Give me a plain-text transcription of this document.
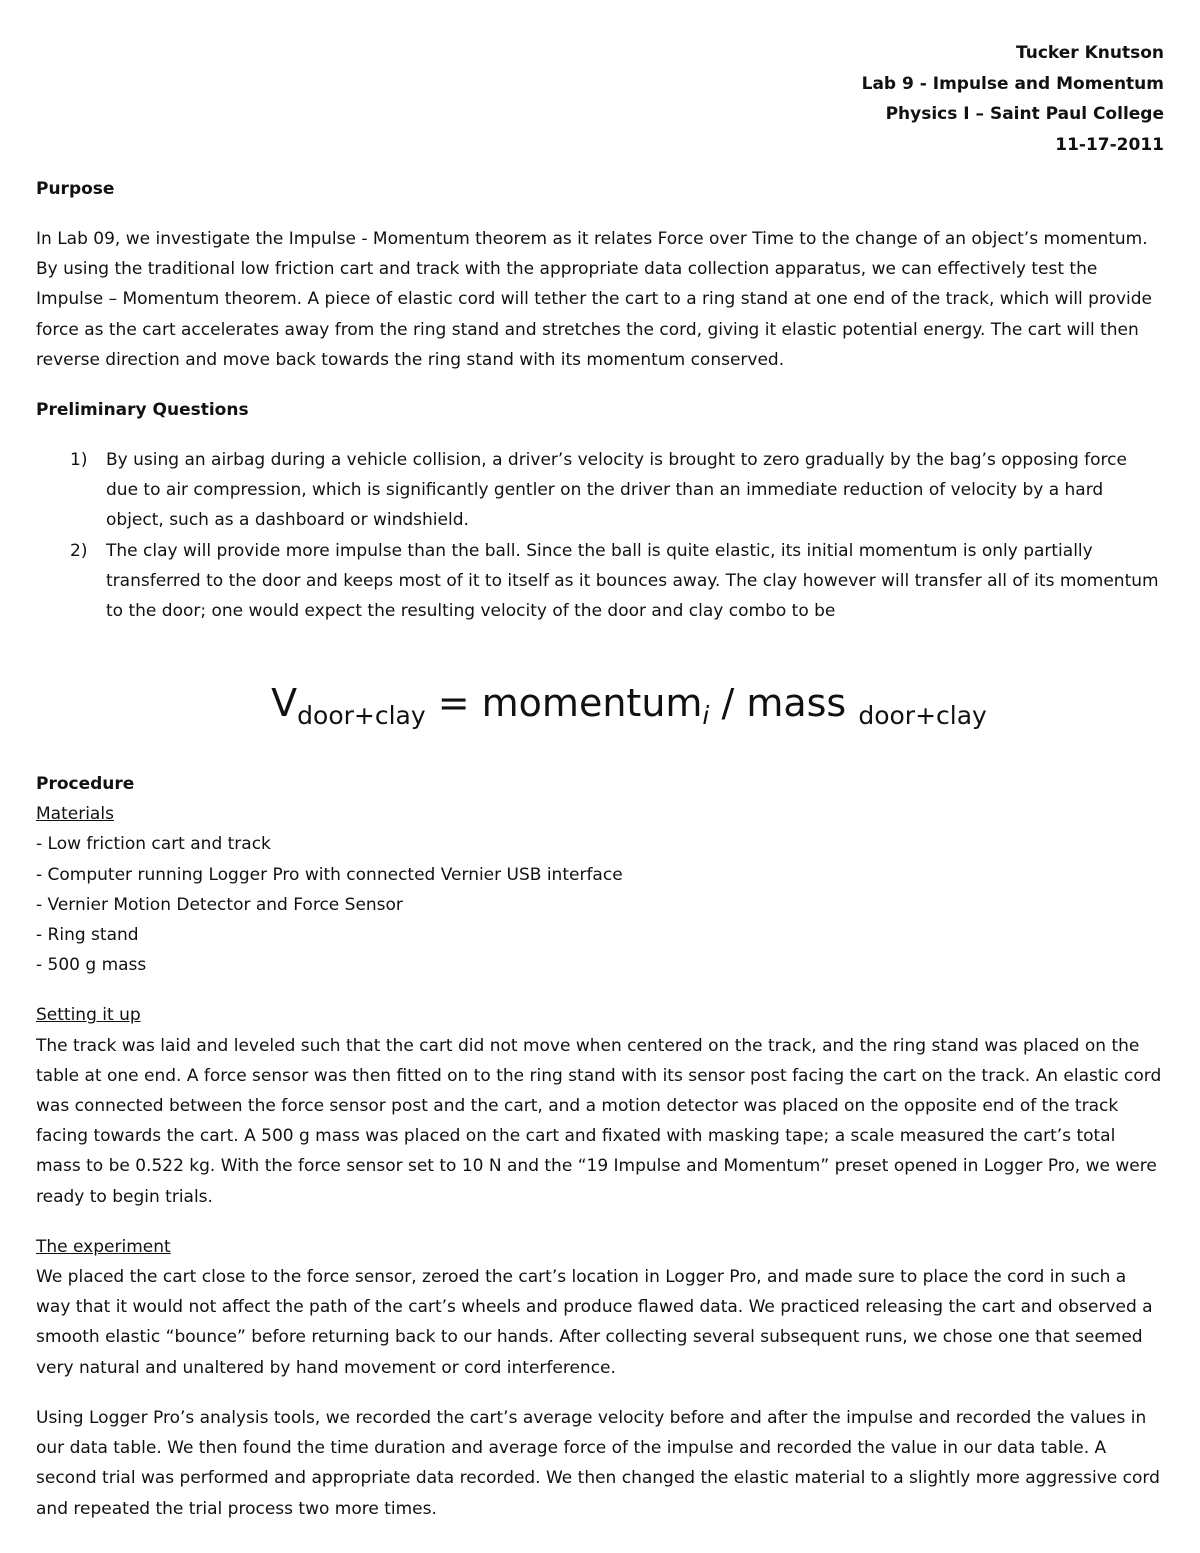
Tucker Knutson
Lab 9 - Impulse and Momentum
Physics I – Saint Paul College
11-17-2011

Purpose

In Lab 09, we investigate the Impulse - Momentum theorem as it relates Force over Time to the change of an object’s momentum. By using the traditional low friction cart and track with the appropriate data collection apparatus, we can effectively test the Impulse – Momentum theorem. A piece of elastic cord will tether the cart to a ring stand at one end of the track, which will provide force as the cart accelerates away from the ring stand and stretches the cord, giving it elastic potential energy. The cart will then reverse direction and move back towards the ring stand with its momentum conserved.

Preliminary Questions

1) By using an airbag during a vehicle collision, a driver’s velocity is brought to zero gradually by the bag’s opposing force due to air compression, which is significantly gentler on the driver than an immediate reduction of velocity by a hard object, such as a dashboard or windshield.
2) The clay will provide more impulse than the ball. Since the ball is quite elastic, its initial momentum is only partially transferred to the door and keeps most of it to itself as it bounces away. The clay however will transfer all of its momentum to the door; one would expect the resulting velocity of the door and clay combo to be
$V_{door+clay}$ = momentum$_i$ / mass $_{door+clay}$

Procedure

Materials
- Low friction cart and track
- Computer running Logger Pro with connected Vernier USB interface
- Vernier Motion Detector and Force Sensor
- Ring stand
- 500 g mass
Setting it up

The track was laid and leveled such that the cart did not move when centered on the track, and the ring stand was placed on the table at one end. A force sensor was then fitted on to the ring stand with its sensor post facing the cart on the track. An elastic cord was connected between the force sensor post and the cart, and a motion detector was placed on the opposite end of the track facing towards the cart. A 500 g mass was placed on the cart and fixated with masking tape; a scale measured the cart’s total mass to be 0.522 kg. With the force sensor set to 10 N and the “19 Impulse and Momentum” preset opened in Logger Pro, we were ready to begin trials.

The experiment

We placed the cart close to the force sensor, zeroed the cart’s location in Logger Pro, and made sure to place the cord in such a way that it would not affect the path of the cart’s wheels and produce flawed data. We practiced releasing the cart and observed a smooth elastic “bounce” before returning back to our hands. After collecting several subsequent runs, we chose one that seemed very natural and unaltered by hand movement or cord interference.

Using Logger Pro’s analysis tools, we recorded the cart’s average velocity before and after the impulse and recorded the values in our data table. We then found the time duration and average force of the impulse and recorded the value in our data table. A second trial was performed and appropriate data recorded. We then changed the elastic material to a slightly more aggressive cord and repeated the trial process two more times.
